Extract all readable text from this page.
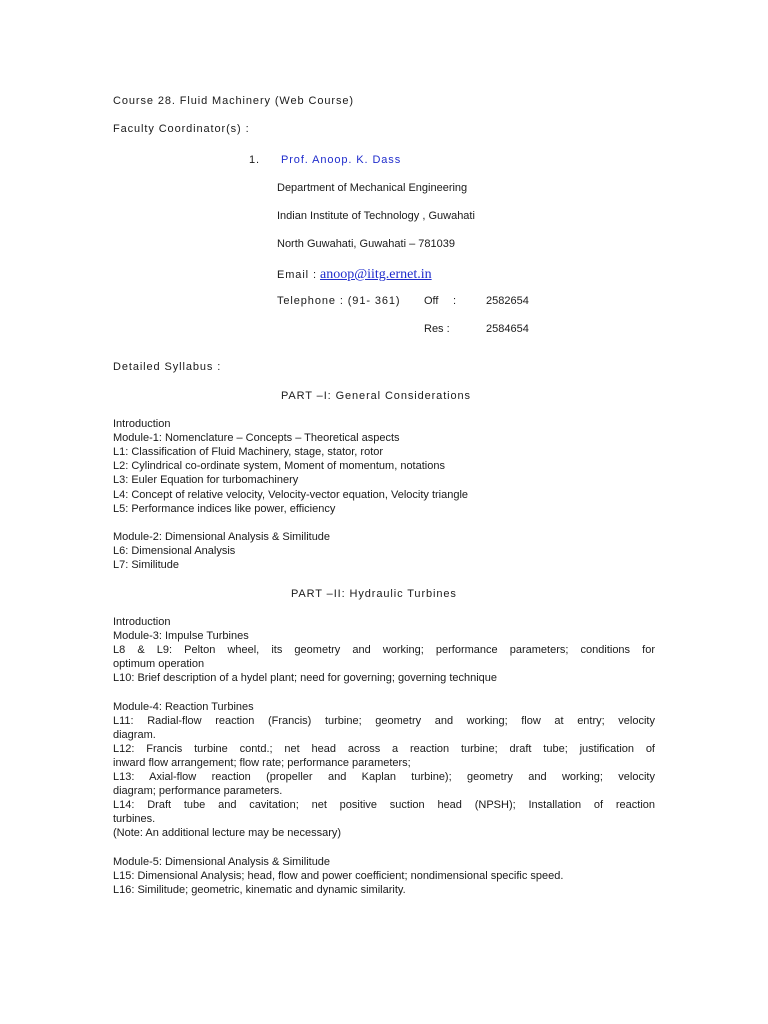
Course 28. Fluid Machinery (Web Course)
Faculty Coordinator(s) :
1. Prof. Anoop. K. Dass
Department of Mechanical Engineering
Indian Institute of Technology , Guwahati
North Guwahati, Guwahati – 781039
Email : anoop@iitg.ernet.in
Telephone : (91- 361) Off :	2582654
Res :	2584654
Detailed Syllabus :
PART –I: General Considerations
Introduction
Module-1: Nomenclature – Concepts – Theoretical aspects
L1: Classification of Fluid Machinery, stage, stator, rotor
L2: Cylindrical co-ordinate system, Moment of momentum, notations
L3: Euler Equation for turbomachinery
L4: Concept of relative velocity, Velocity-vector equation, Velocity triangle
L5: Performance indices like power, efficiency
Module-2: Dimensional Analysis & Similitude
L6: Dimensional Analysis
L7: Similitude
PART –II: Hydraulic Turbines
Introduction
Module-3: Impulse Turbines
L8 & L9: Pelton wheel, its geometry and working; performance parameters; conditions for
optimum operation
L10: Brief description of a hydel plant; need for governing; governing technique
Module-4: Reaction Turbines
L11: Radial-flow reaction (Francis) turbine; geometry and working; flow at entry; velocity
diagram.
L12: Francis turbine contd.; net head across a reaction turbine; draft tube; justification of
inward flow arrangement; flow rate; performance parameters;
L13: Axial-flow reaction (propeller and Kaplan turbine); geometry and working; velocity
diagram; performance parameters.
L14: Draft tube and cavitation; net positive suction head (NPSH); Installation of reaction
turbines.
(Note: An additional lecture may be necessary)
Module-5: Dimensional Analysis & Similitude
L15: Dimensional Analysis; head, flow and power coefficient; nondimensional specific speed.
L16: Similitude; geometric, kinematic and dynamic similarity.
